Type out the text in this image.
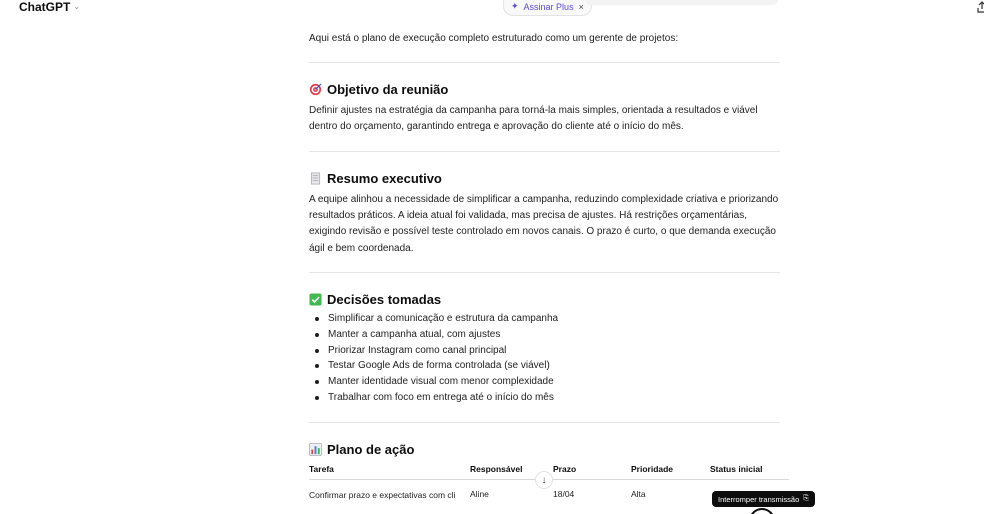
ChatGPT ⌄	✦ Assinar Plus ×
Aqui está o plano de execução completo estruturado como um gerente de projetos:
Objetivo da reunião
Definir ajustes na estratégia da campanha para torná-la mais simples, orientada a resultados e viável dentro do orçamento, garantindo entrega e aprovação do cliente até o início do mês.
Resumo executivo
A equipe alinhou a necessidade de simplificar a campanha, reduzindo complexidade criativa e priorizando resultados práticos. A ideia atual foi validada, mas precisa de ajustes. Há restrições orçamentárias, exigindo revisão e possível teste controlado em novos canais. O prazo é curto, o que demanda execução ágil e bem coordenada.
Decisões tomadas
Simplificar a comunicação e estrutura da campanha
Manter a campanha atual, com ajustes
Priorizar Instagram como canal principal
Testar Google Ads de forma controlada (se viável)
Manter identidade visual com menor complexidade
Trabalhar com foco em entrega até o início do mês
Plano de ação
Tarefa	Responsável	Prazo	Prioridade	Status inicial
Confirmar prazo e expectativas com cli	Aline	18/04	Alta
↓
Interromper transmissão ⎘
